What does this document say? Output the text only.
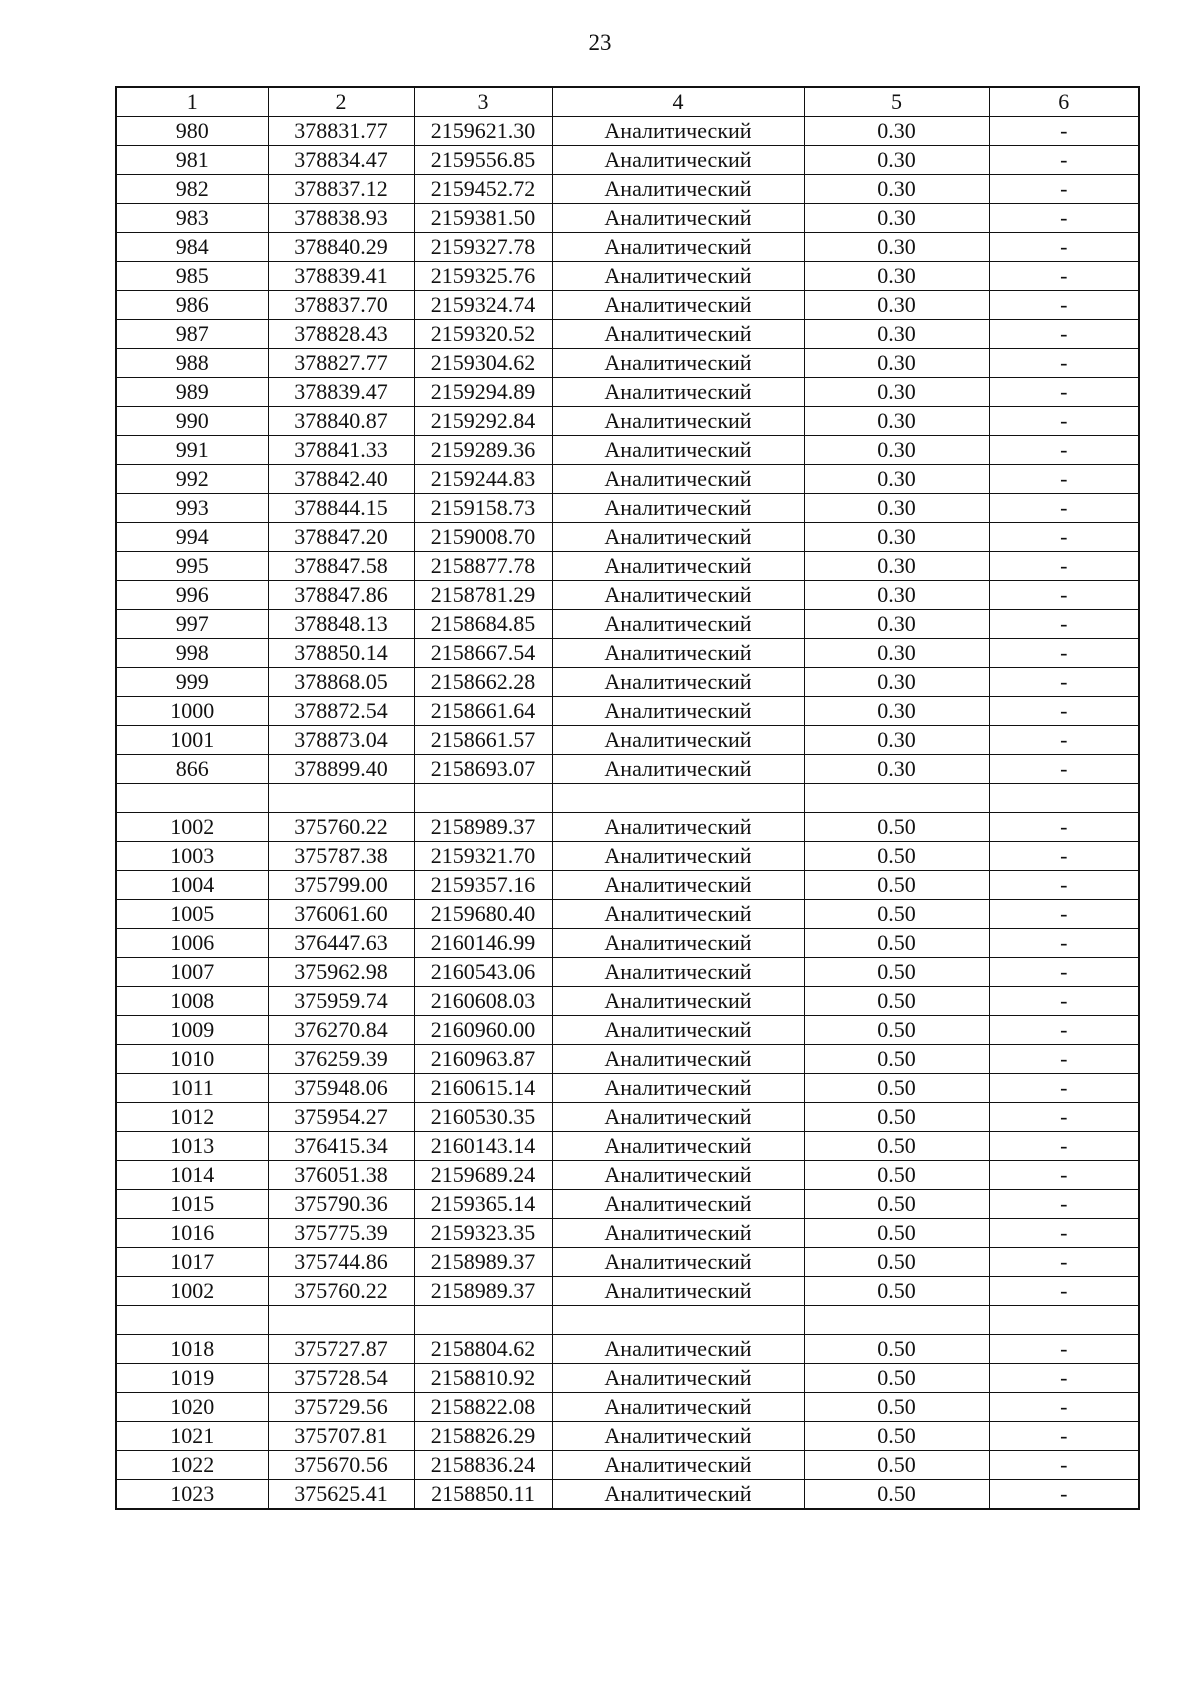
23
1	2	3	4	5	6
980	378831.77	2159621.30	Аналитический	0.30	-
981	378834.47	2159556.85	Аналитический	0.30	-
982	378837.12	2159452.72	Аналитический	0.30	-
983	378838.93	2159381.50	Аналитический	0.30	-
984	378840.29	2159327.78	Аналитический	0.30	-
985	378839.41	2159325.76	Аналитический	0.30	-
986	378837.70	2159324.74	Аналитический	0.30	-
987	378828.43	2159320.52	Аналитический	0.30	-
988	378827.77	2159304.62	Аналитический	0.30	-
989	378839.47	2159294.89	Аналитический	0.30	-
990	378840.87	2159292.84	Аналитический	0.30	-
991	378841.33	2159289.36	Аналитический	0.30	-
992	378842.40	2159244.83	Аналитический	0.30	-
993	378844.15	2159158.73	Аналитический	0.30	-
994	378847.20	2159008.70	Аналитический	0.30	-
995	378847.58	2158877.78	Аналитический	0.30	-
996	378847.86	2158781.29	Аналитический	0.30	-
997	378848.13	2158684.85	Аналитический	0.30	-
998	378850.14	2158667.54	Аналитический	0.30	-
999	378868.05	2158662.28	Аналитический	0.30	-
1000	378872.54	2158661.64	Аналитический	0.30	-
1001	378873.04	2158661.57	Аналитический	0.30	-
866	378899.40	2158693.07	Аналитический	0.30	-

1002	375760.22	2158989.37	Аналитический	0.50	-
1003	375787.38	2159321.70	Аналитический	0.50	-
1004	375799.00	2159357.16	Аналитический	0.50	-
1005	376061.60	2159680.40	Аналитический	0.50	-
1006	376447.63	2160146.99	Аналитический	0.50	-
1007	375962.98	2160543.06	Аналитический	0.50	-
1008	375959.74	2160608.03	Аналитический	0.50	-
1009	376270.84	2160960.00	Аналитический	0.50	-
1010	376259.39	2160963.87	Аналитический	0.50	-
1011	375948.06	2160615.14	Аналитический	0.50	-
1012	375954.27	2160530.35	Аналитический	0.50	-
1013	376415.34	2160143.14	Аналитический	0.50	-
1014	376051.38	2159689.24	Аналитический	0.50	-
1015	375790.36	2159365.14	Аналитический	0.50	-
1016	375775.39	2159323.35	Аналитический	0.50	-
1017	375744.86	2158989.37	Аналитический	0.50	-
1002	375760.22	2158989.37	Аналитический	0.50	-

1018	375727.87	2158804.62	Аналитический	0.50	-
1019	375728.54	2158810.92	Аналитический	0.50	-
1020	375729.56	2158822.08	Аналитический	0.50	-
1021	375707.81	2158826.29	Аналитический	0.50	-
1022	375670.56	2158836.24	Аналитический	0.50	-
1023	375625.41	2158850.11	Аналитический	0.50	-
